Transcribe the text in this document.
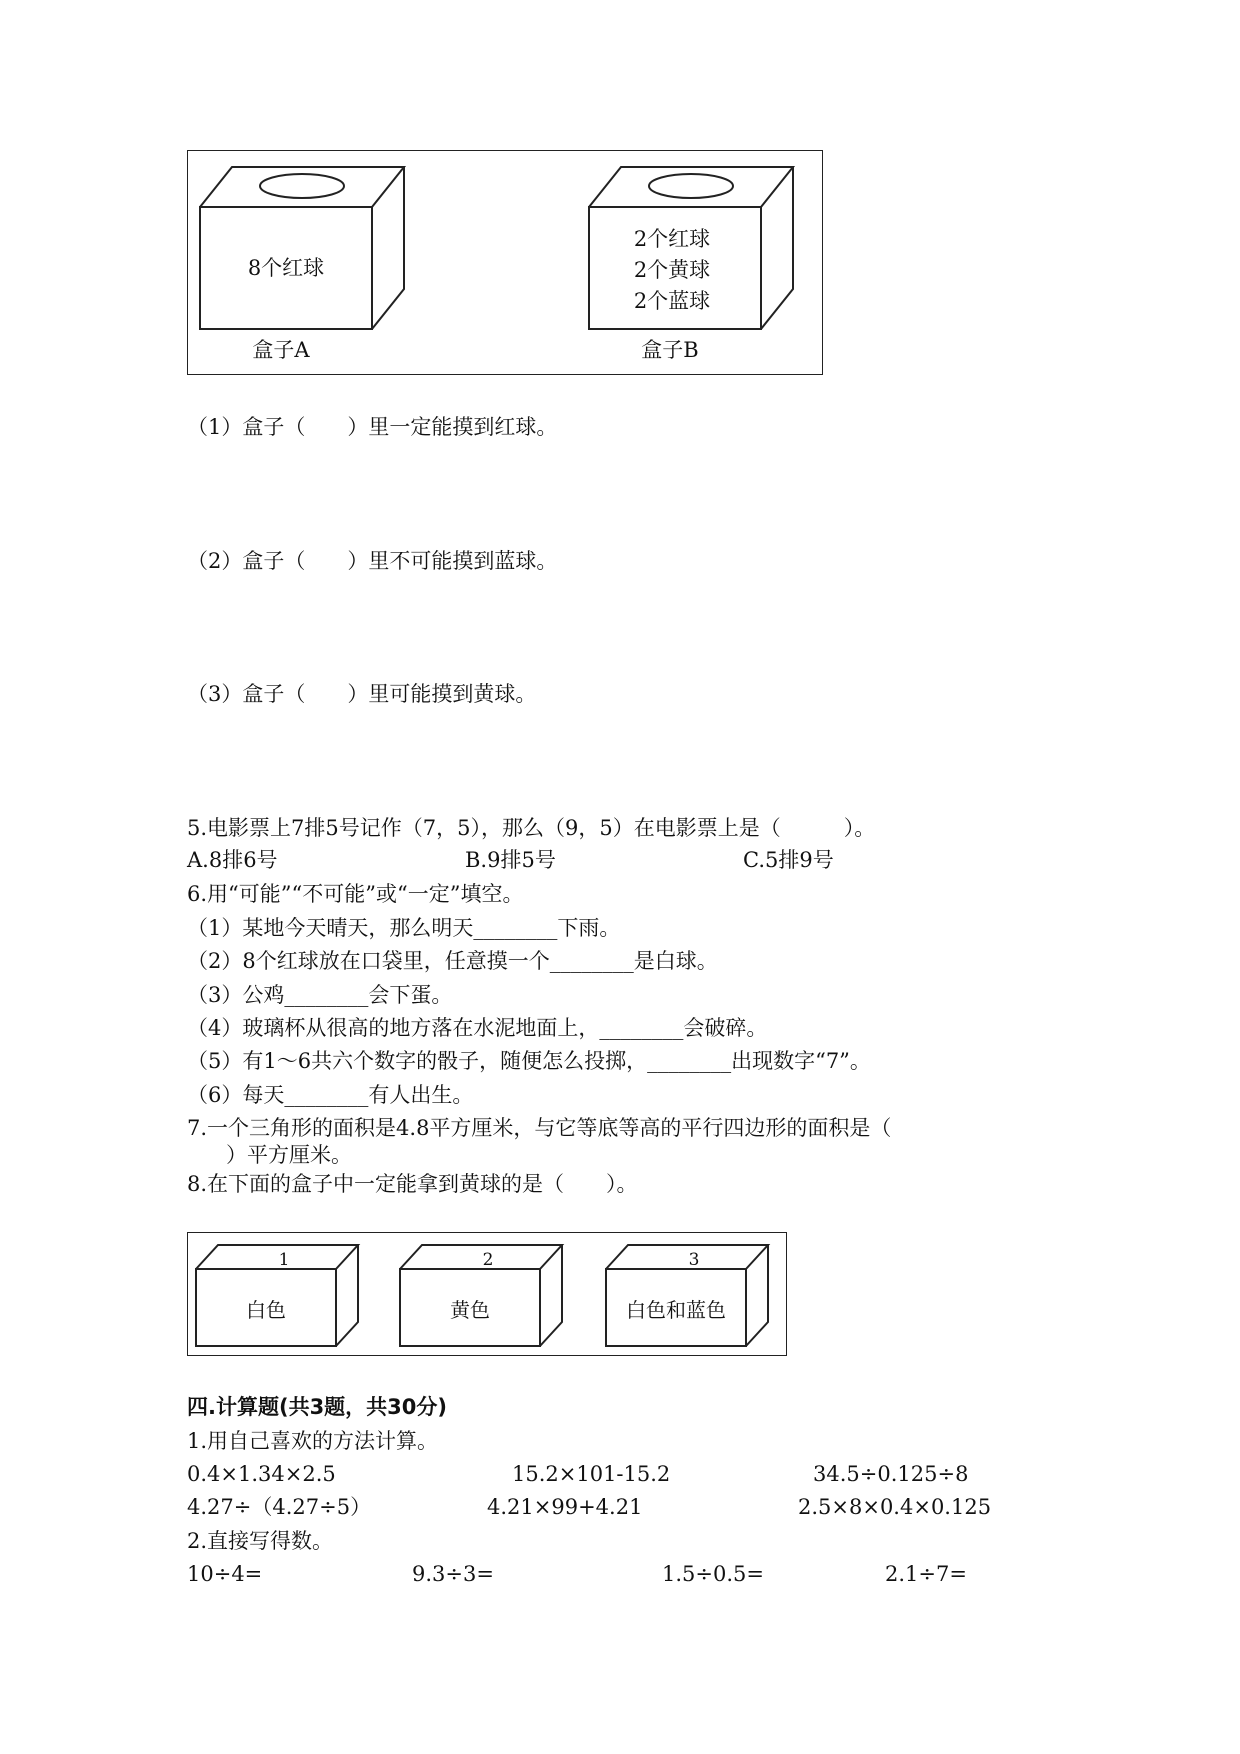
8个红球
盒子A
2个红球
2个黄球
2个蓝球
盒子B
（1）盒子（　　）里一定能摸到红球。
（2）盒子（　　）里不可能摸到蓝球。
（3）盒子（　　）里可能摸到黄球。
5.电影票上7排5号记作（7，5），那么（9，5）在电影票上是（　　　）。
A.8排6号	B.9排5号	C.5排9号
6.用“可能”“不可能”或“一定”填空。
（1）某地今天晴天，那么明天________下雨。
（2）8个红球放在口袋里，任意摸一个________是白球。
（3）公鸡________会下蛋。
（4）玻璃杯从很高的地方落在水泥地面上，________会破碎。
（5）有1～6共六个数字的骰子，随便怎么投掷，________出现数字“7”。
（6）每天________有人出生。
7.一个三角形的面积是4.8平方厘米，与它等底等高的平行四边形的面积是（
）平方厘米。
8.在下面的盒子中一定能拿到黄球的是（　　）。
1
白色
2
黄色
3
白色和蓝色
四.计算题(共3题，共30分)
1.用自己喜欢的方法计算。
0.4×1.34×2.5	15.2×101-15.2	34.5÷0.125÷8
4.27÷（4.27÷5）	4.21×99+4.21	2.5×8×0.4×0.125
2.直接写得数。
10÷4=	9.3÷3=	1.5÷0.5=	2.1÷7=
